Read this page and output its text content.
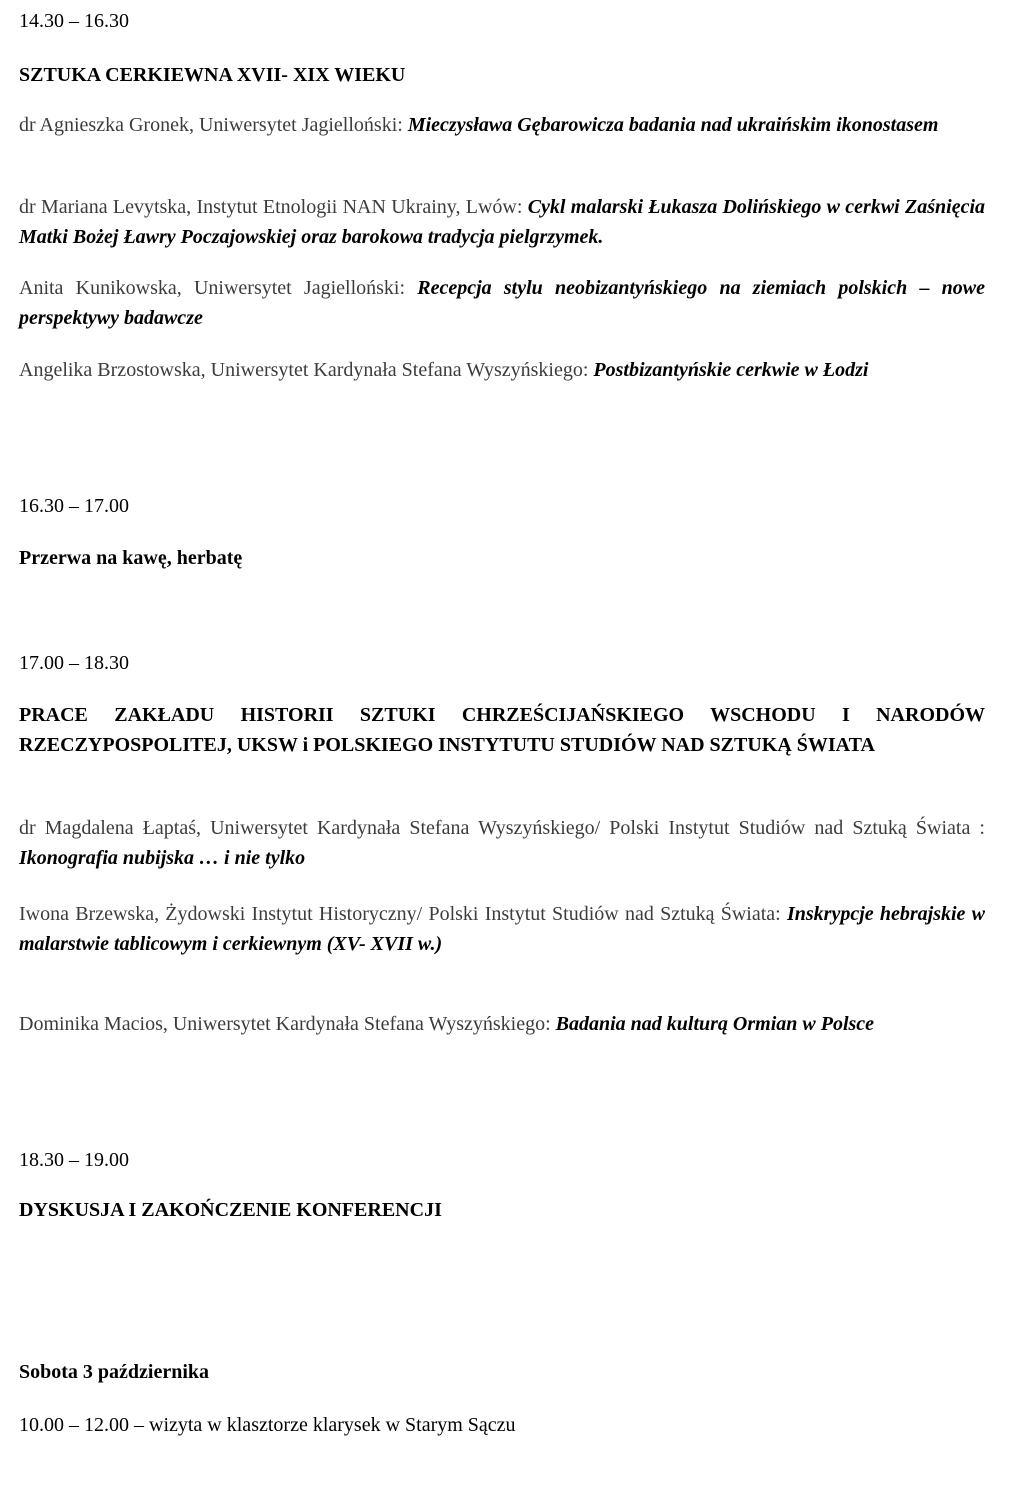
14.30 – 16.30
SZTUKA CERKIEWNA XVII- XIX WIEKU
dr Agnieszka Gronek, Uniwersytet Jagielloński: Mieczysława Gębarowicza badania nad ukraińskim ikonostasem
dr Mariana Levytska, Instytut Etnologii NAN Ukrainy, Lwów: Cykl malarski Łukasza Dolińskiego w cerkwi Zaśnięcia Matki Bożej Ławry Poczajowskiej oraz barokowa tradycja pielgrzymek.
Anita Kunikowska, Uniwersytet Jagielloński: Recepcja stylu neobizantyńskiego na ziemiach polskich – nowe perspektywy badawcze
Angelika Brzostowska, Uniwersytet Kardynała Stefana Wyszyńskiego: Postbizantyńskie cerkwie w Łodzi
16.30 – 17.00
Przerwa na kawę, herbatę
17.00 – 18.30
PRACE ZAKŁADU HISTORII SZTUKI CHRZEŚCIJAŃSKIEGO WSCHODU I NARODÓW RZECZYPOSPOLITEJ, UKSW i POLSKIEGO INSTYTUTU STUDIÓW NAD SZTUKĄ ŚWIATA
dr Magdalena Łaptaś, Uniwersytet Kardynała Stefana Wyszyńskiego/ Polski Instytut Studiów nad Sztuką Świata : Ikonografia nubijska … i nie tylko
Iwona Brzewska, Żydowski Instytut Historyczny/ Polski Instytut Studiów nad Sztuką Świata: Inskrypcje hebrajskie w malarstwie tablicowym i cerkiewnym (XV- XVII w.)
Dominika Macios, Uniwersytet Kardynała Stefana Wyszyńskiego: Badania nad kulturą Ormian w Polsce
18.30 – 19.00
DYSKUSJA I ZAKOŃCZENIE KONFERENCJI
Sobota 3 października
10.00 – 12.00 – wizyta w klasztorze klarysek w Starym Sączu
